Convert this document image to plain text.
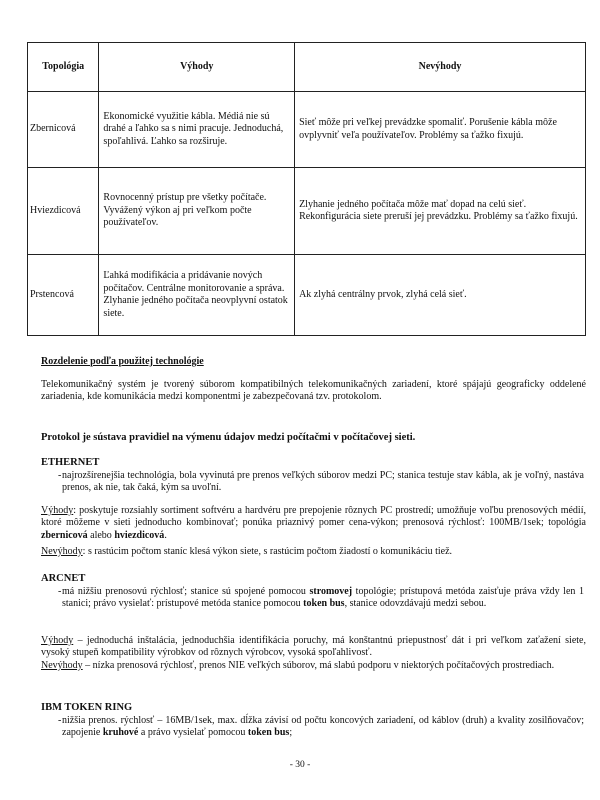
Topológia	Výhody	Nevýhody
Zbernicová	Ekonomické využitie kábla. Médiá nie sú drahé a ľahko sa s nimi pracuje. Jednoduchá, spoľahlivá. Ľahko sa rozširuje.	Sieť môže pri veľkej prevádzke spomaliť. Porušenie kábla môže ovplyvniť veľa používateľov. Problémy sa ťažko fixujú.
Hviezdicová	Rovnocenný prístup pre všetky počítače. Vyvážený výkon aj pri veľkom počte používateľov.	Zlyhanie jedného počítača môže mať dopad na celú sieť. Rekonfigurácia siete preruší jej prevádzku. Problémy sa ťažko fixujú.
Prstencová	Ľahká modifikácia a pridávanie nových počítačov. Centrálne monitorovanie a správa. Zlyhanie jedného počítača neovplyvní ostatok siete.	Ak zlyhá centrálny prvok, zlyhá celá sieť.
Rozdelenie podľa použitej technológie
Telekomunikačný systém je tvorený súborom kompatibilných telekomunikačných zariadení, ktoré spájajú geograficky oddelené zariadenia, kde komunikácia medzi komponentmi je zabezpečovaná tzv. protokolom.
Protokol je sústava pravidiel na výmenu údajov medzi počítačmi v počítačovej sieti.
ETHERNET
- najrozšírenejšia technológia, bola vyvinutá pre prenos veľkých súborov medzi PC; stanica testuje stav kábla, ak je voľný, nastáva prenos, ak nie, tak čaká, kým sa uvoľní.
Výhody: poskytuje rozsiahly sortiment softvéru a hardvéru pre prepojenie rôznych PC prostredí; umožňuje voľbu prenosových médií, ktoré môžeme v sieti jednoducho kombinovať; ponúka priaznivý pomer cena-výkon; prenosová rýchlosť: 100MB/1sek; topológia zbernicová alebo hviezdicová.
Nevýhody: s rastúcim počtom staníc klesá výkon siete, s rastúcim počtom žiadostí o komunikáciu tiež.
ARCNET
- má nižšiu prenosovú rýchlosť; stanice sú spojené pomocou stromovej topológie; prístupová metóda zaisťuje práva vždy len 1 stanici; právo vysielať: prístupové metóda stanice pomocou token bus, stanice odovzdávajú medzi sebou.
Výhody – jednoduchá inštalácia, jednoduchšia identifikácia poruchy, má konštantnú priepustnosť dát i pri veľkom zaťažení siete, vysoký stupeň kompatibility výrobkov od rôznych výrobcov, vysoká spoľahlivosť.
Nevýhody – nízka prenosová rýchlosť, prenos NIE veľkých súborov, má slabú podporu v niektorých počítačových prostrediach.
IBM TOKEN RING
- nižšia prenos. rýchlosť – 16MB/1sek, max. dĺžka závisí od počtu koncových zariadení, od káblov (druh) a kvality zosilňovačov; zapojenie kruhové a právo vysielať pomocou token bus;
- 30 -
